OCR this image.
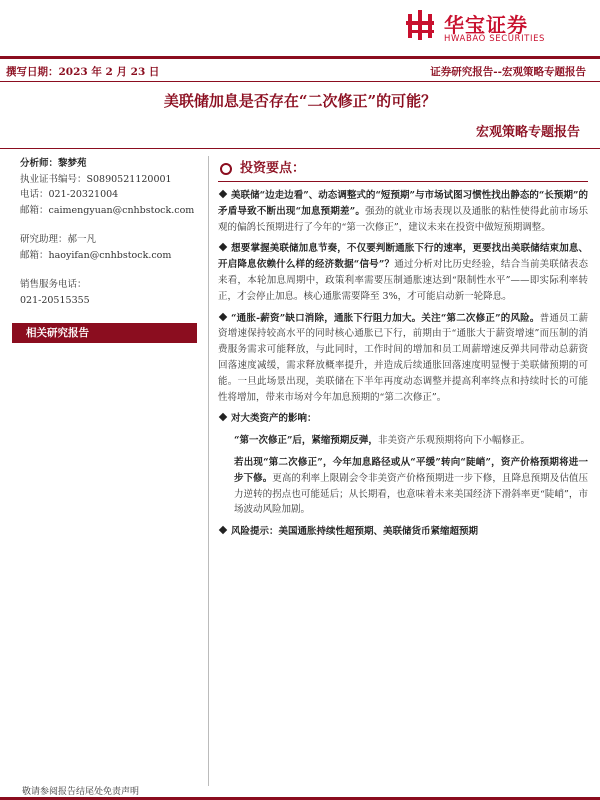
华宝证券
HWABAO SECURITIES
撰写日期：2023 年 2 月 23 日	证券研究报告--宏观策略专题报告
美联储加息是否存在“二次修正”的可能？
宏观策略专题报告
分析师：黎梦苑
执业证书编号：S0890521120001
电话：021-20321004
邮箱：caimengyuan@cnhbstock.com
研究助理：郝一凡
邮箱：haoyifan@cnhbstock.com
销售服务电话：
021-20515355
相关研究报告
投资要点：
美联储“边走边看”、动态调整式的“短预期”与市场试图习惯性找出静态的“长预期”的矛盾导致不断出现“加息预期差”。强劲的就业市场表现以及通胀的粘性使得此前市场乐观的偏鸽长预期进行了今年的“第一次修正”，建议未来在投资中做短预期调整。
想要掌握美联储加息节奏，不仅要判断通胀下行的速率，更要找出美联储结束加息、开启降息依赖什么样的经济数据“信号”？通过分析对比历史经验，结合当前美联储表态来看，本轮加息周期中，政策利率需要压制通胀速达到“限制性水平”——即实际利率转正，才会停止加息。核心通胀需要降至 3%，才可能启动新一轮降息。
“通胀-薪资”缺口消除，通胀下行阻力加大。关注“第二次修正”的风险。普通员工薪资增速保持较高水平的同时核心通胀已下行，前期由于“通胀大于薪资增速”而压制的消费服务需求可能释放，与此同时，工作时间的增加和员工周薪增速反弹共同带动总薪资回落速度减缓，需求释放概率提升，并造成后续通胀回落速度明显慢于美联储预期的可能。一旦此场景出现，美联储在下半年再度动态调整并提高利率终点和持续时长的可能性将增加，带来市场对今年加息预期的“第二次修正”。
对大类资产的影响：
“第一次修正”后，紧缩预期反弹，非美资产乐观预期将向下小幅修正。
若出现“第二次修正”，今年加息路径或从“平缓”转向“陡峭”，资产价格预期将进一步下修。更高的利率上限剧会令非美资产价格预期进一步下修，且降息预期及估值压力逆转的拐点也可能延后；从长期看，也意味着未来美国经济下滑斜率更“陡峭”，市场波动风险加剧。
风险提示：美国通胀持续性超预期、美联储货币紧缩超预期
敬请参阅报告结尾处免责声明
